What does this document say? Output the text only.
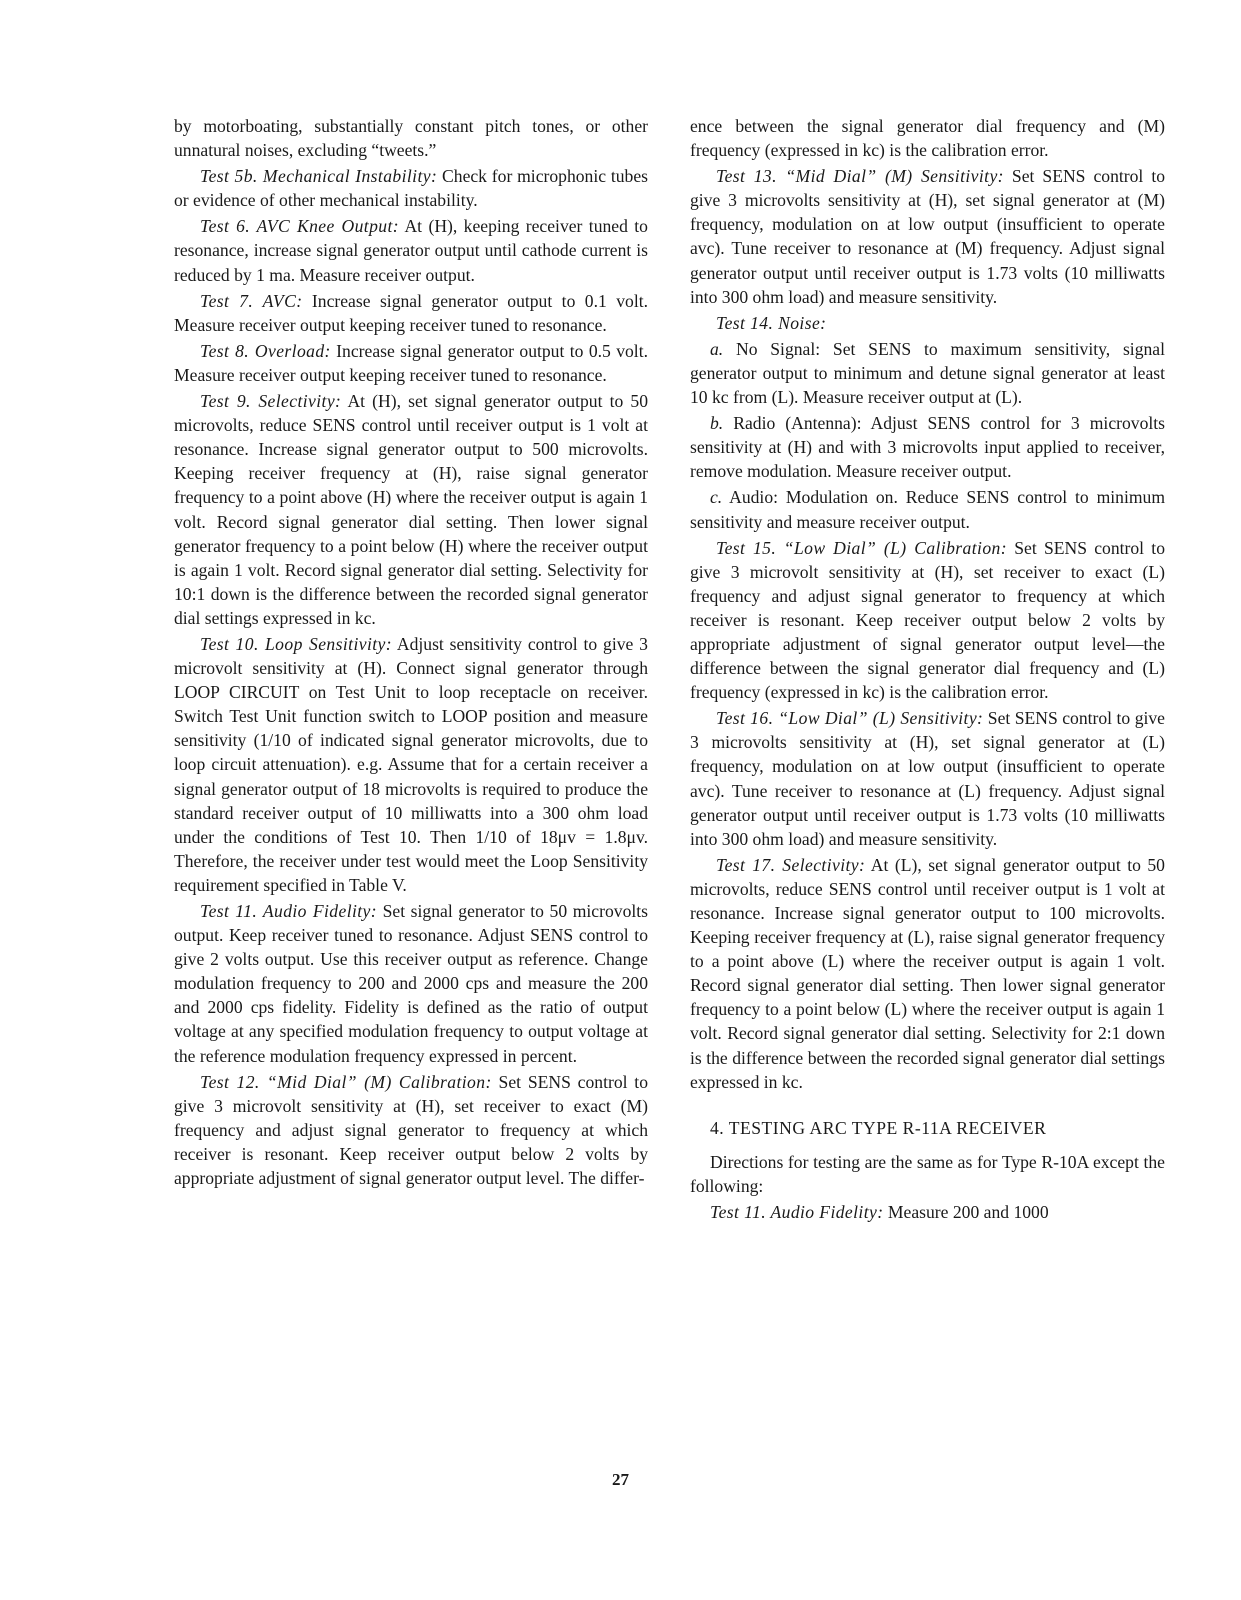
by motorboating, substantially constant pitch tones, or other unnatural noises, excluding “tweets.”

Test 5b. Mechanical Instability: Check for microphonic tubes or evidence of other mechanical instability.

Test 6. AVC Knee Output: At (H), keeping receiver tuned to resonance, increase signal generator output until cathode current is reduced by 1 ma. Measure receiver output.

Test 7. AVC: Increase signal generator output to 0.1 volt. Measure receiver output keeping receiver tuned to resonance.

Test 8. Overload: Increase signal generator output to 0.5 volt. Measure receiver output keeping receiver tuned to resonance.

Test 9. Selectivity: At (H), set signal generator output to 50 microvolts, reduce SENS control until receiver output is 1 volt at resonance. Increase signal generator output to 500 microvolts. Keeping receiver frequency at (H), raise signal generator frequency to a point above (H) where the receiver output is again 1 volt. Record signal generator dial setting. Then lower signal generator frequency to a point below (H) where the receiver output is again 1 volt. Record signal generator dial setting. Selectivity for 10:1 down is the difference between the recorded signal generator dial settings expressed in kc.

Test 10. Loop Sensitivity: Adjust sensitivity control to give 3 microvolt sensitivity at (H). Connect signal generator through LOOP CIRCUIT on Test Unit to loop receptacle on receiver. Switch Test Unit function switch to LOOP position and measure sensitivity (1/10 of indicated signal generator microvolts, due to loop circuit attenuation). e.g. Assume that for a certain receiver a signal generator output of 18 microvolts is required to produce the standard receiver output of 10 milliwatts into a 300 ohm load under the conditions of Test 10. Then 1/10 of 18μv = 1.8μv. Therefore, the receiver under test would meet the Loop Sensitivity requirement specified in Table V.

Test 11. Audio Fidelity: Set signal generator to 50 microvolts output. Keep receiver tuned to resonance. Adjust SENS control to give 2 volts output. Use this receiver output as reference. Change modulation frequency to 200 and 2000 cps and measure the 200 and 2000 cps fidelity. Fidelity is defined as the ratio of output voltage at any specified modulation frequency to output voltage at the reference modulation frequency expressed in percent.

Test 12. “Mid Dial” (M) Calibration: Set SENS control to give 3 microvolt sensitivity at (H), set receiver to exact (M) frequency and adjust signal generator to frequency at which receiver is resonant. Keep receiver output below 2 volts by appropriate adjustment of signal generator output level. The differ-

ence between the signal generator dial frequency and (M) frequency (expressed in kc) is the calibration error.

Test 13. “Mid Dial” (M) Sensitivity: Set SENS control to give 3 microvolts sensitivity at (H), set signal generator at (M) frequency, modulation on at low output (insufficient to operate avc). Tune receiver to resonance at (M) frequency. Adjust signal generator output until receiver output is 1.73 volts (10 milliwatts into 300 ohm load) and measure sensitivity.

Test 14. Noise:

a. No Signal: Set SENS to maximum sensitivity, signal generator output to minimum and detune signal generator at least 10 kc from (L). Measure receiver output at (L).

b. Radio (Antenna): Adjust SENS control for 3 microvolts sensitivity at (H) and with 3 microvolts input applied to receiver, remove modulation. Measure receiver output.

c. Audio: Modulation on. Reduce SENS control to minimum sensitivity and measure receiver output.

Test 15. “Low Dial” (L) Calibration: Set SENS control to give 3 microvolt sensitivity at (H), set receiver to exact (L) frequency and adjust signal generator to frequency at which receiver is resonant. Keep receiver output below 2 volts by appropriate adjustment of signal generator output level—the difference between the signal generator dial frequency and (L) frequency (expressed in kc) is the calibration error.

Test 16. “Low Dial” (L) Sensitivity: Set SENS control to give 3 microvolts sensitivity at (H), set signal generator at (L) frequency, modulation on at low output (insufficient to operate avc). Tune receiver to resonance at (L) frequency. Adjust signal generator output until receiver output is 1.73 volts (10 milliwatts into 300 ohm load) and measure sensitivity.

Test 17. Selectivity: At (L), set signal generator output to 50 microvolts, reduce SENS control until receiver output is 1 volt at resonance. Increase signal generator output to 100 microvolts. Keeping receiver frequency at (L), raise signal generator frequency to a point above (L) where the receiver output is again 1 volt. Record signal generator dial setting. Then lower signal generator frequency to a point below (L) where the receiver output is again 1 volt. Record signal generator dial setting. Selectivity for 2:1 down is the difference between the recorded signal generator dial settings expressed in kc.

4. TESTING ARC TYPE R-11A RECEIVER

Directions for testing are the same as for Type R-10A except the following:

Test 11. Audio Fidelity: Measure 200 and 1000

27
